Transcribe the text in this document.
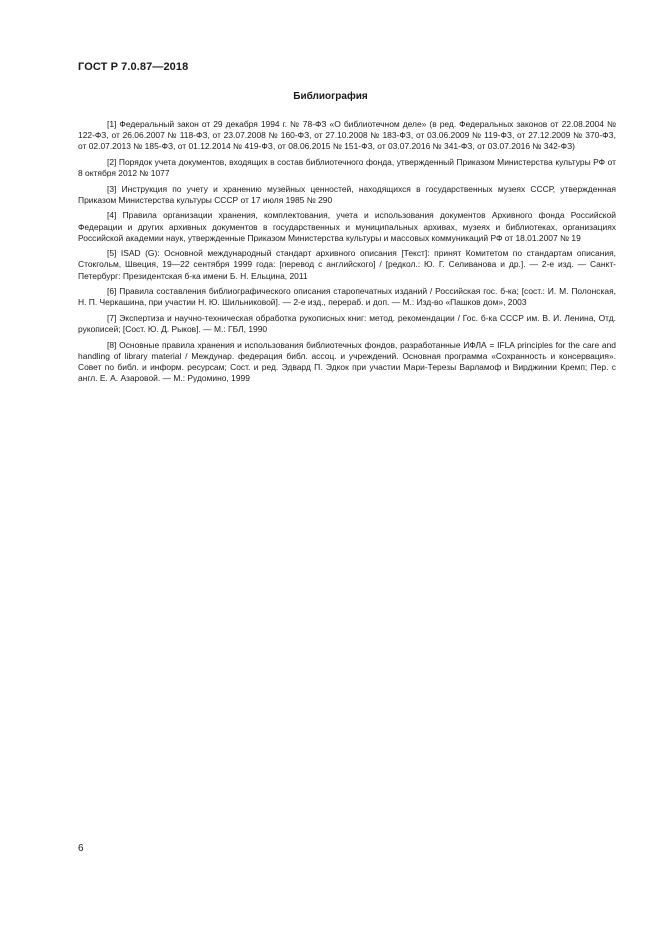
ГОСТ Р 7.0.87—2018
Библиография

[1] Федеральный закон от 29 декабря 1994 г. № 78-ФЗ «О библиотечном деле» (в ред. Федеральных законов от 22.08.2004 № 122-ФЗ, от 26.06.2007 № 118-ФЗ, от 23.07.2008 № 160-ФЗ, от 27.10.2008 № 183-ФЗ, от 03.06.2009 № 119-ФЗ, от 27.12.2009 № 370-ФЗ, от 02.07.2013 № 185-ФЗ, от 01.12.2014 № 419-ФЗ, от 08.06.2015 № 151-ФЗ, от 03.07.2016 № 341-ФЗ, от 03.07.2016 № 342-ФЗ)

[2] Порядок учета документов, входящих в состав библиотечного фонда, утвержденный Приказом Министерства культуры РФ от 8 октября 2012 № 1077

[3] Инструкция по учету и хранению музейных ценностей, находящихся в государственных музеях СССР, утвержденная Приказом Министерства культуры СССР от 17 июля 1985 № 290

[4] Правила организации хранения, комплектования, учета и использования документов Архивного фонда Российской Федерации и других архивных документов в государственных и муниципальных архивах, музеях и библиотеках, организациях Российской академии наук, утвержденные Приказом Министерства культуры и массовых коммуникаций РФ от 18.01.2007 № 19

[5] ISAD (G): Основной международный стандарт архивного описания [Текст]: принят Комитетом по стандартам описания, Стокгольм, Швеция, 19—22 сентября 1999 года: [перевод с английского] / [редкол.: Ю. Г. Селиванова и др.]. — 2-е изд. — Санкт-Петербург: Президентская б-ка имени Б. Н. Ельцина, 2011

[6] Правила составления библиографического описания старопечатных изданий / Российская гос. б-ка; [сост.: И. М. Полонская, Н. П. Черкашина, при участии Н. Ю. Шильниковой]. — 2-е изд., перераб. и доп. — М.: Изд-во «Пашков дом», 2003

[7] Экспертиза и научно-техническая обработка рукописных книг: метод. рекомендации / Гос. б-ка СССР им. В. И. Ленина, Отд. рукописей; [Сост. Ю. Д. Рыков]. — М.: ГБЛ, 1990

[8] Основные правила хранения и использования библиотечных фондов, разработанные ИФЛА = IFLA principles for the care and handling of library material / Междунар. федерация библ. ассоц. и учреждений. Основная программа «Сохранность и консервация». Совет по библ. и информ. ресурсам; Сост. и ред. Эдвард П. Эдкок при участии Мари-Терезы Варламоф и Вирджинии Кремп; Пер. с англ. Е. А. Азаровой. — М.: Рудомино, 1999

6
